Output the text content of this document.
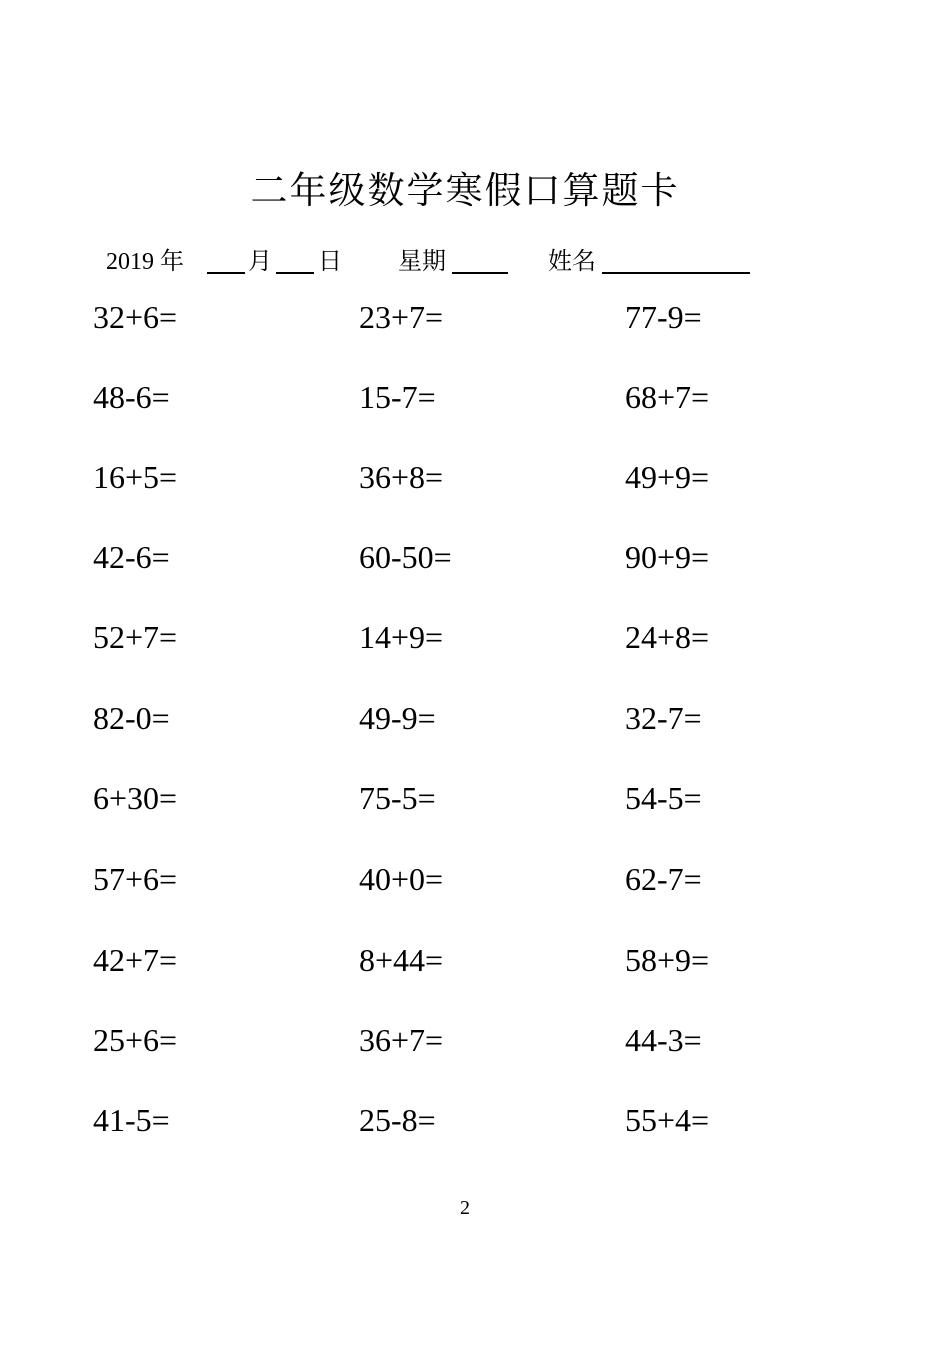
二年级数学寒假口算题卡
2019 年	月 日 星期	姓名
32+6=	23+7=	77-9=
48-6=	15-7=	68+7=
16+5=	36+8=	49+9=
42-6=	60-50=	90+9=
52+7=	14+9=	24+8=
82-0=	49-9=	32-7=
6+30=	75-5=	54-5=
57+6=	40+0=	62-7=
42+7=	8+44=	58+9=
25+6=	36+7=	44-3=
41-5=	25-8=	55+4=
2
